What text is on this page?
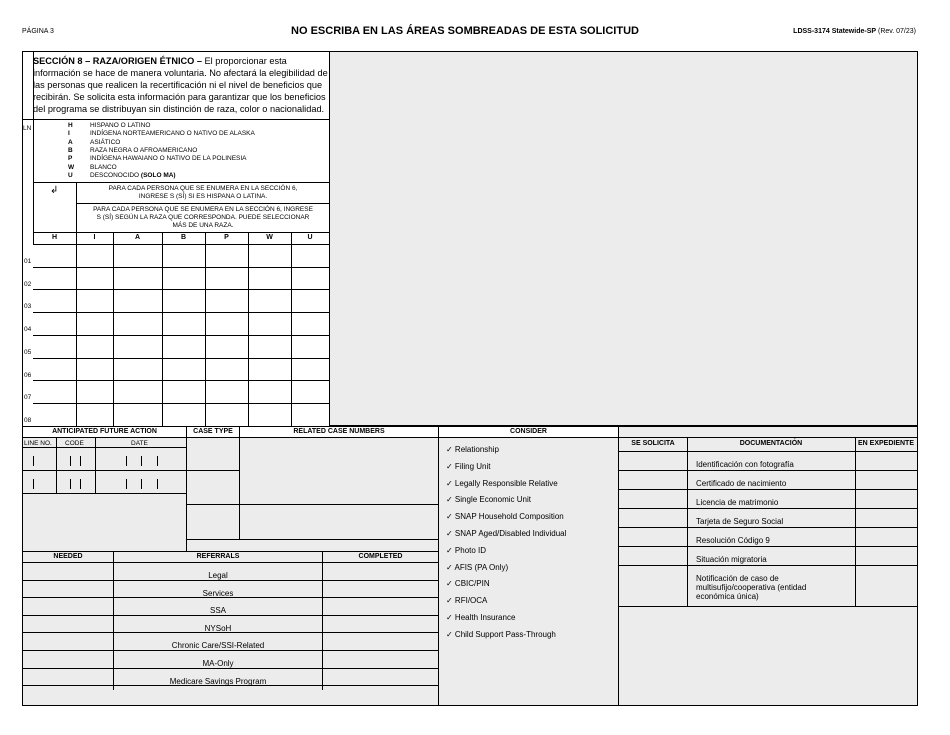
PÁGINA 3	NO ESCRIBA EN LAS ÁREAS SOMBREADAS DE ESTA SOLICITUD	LDSS-3174 Statewide-SP (Rev. 07/23)
SECCIÓN 8 – RAZA/ORIGEN ÉTNICO – El proporcionar esta información se hace de manera voluntaria. No afectará la elegibilidad de las personas que realicen la recertificación ni el nivel de beneficios que recibirán. Se solicita esta información para garantizar que los beneficios del programa se distribuyan sin distinción de raza, color o nacionalidad.
LN	H	HISPANO O LATINO
I	INDÍGENA NORTEAMERICANO O NATIVO DE ALASKA
A	ASIÁTICO
B	RAZA NEGRA O AFROAMERICANO
P	INDÍGENA HAWAIANO O NATIVO DE LA POLINESIA
W BLANCO
U	DESCONOCIDO (SOLO MA)
↲	PARA CADA PERSONA QUE SE ENUMERA EN LA SECCIÓN 6,
INGRESE S (SÍ) SI ES HISPANA O LATINA.
PARA CADA PERSONA QUE SE ENUMERA EN LA SECCIÓN 6, INGRESE
S (SÍ) SEGÚN LA RAZA QUE CORRESPONDA. PUEDE SELECCIONAR
MÁS DE UNA RAZA.
H	I	A	B	P	W	U
01
02
03
04
05
06
07
08
ANTICIPATED FUTURE ACTION	CASE TYPE	RELATED CASE NUMBERS	CONSIDER
LINE NO. CODE	DATE
NEEDED	REFERRALS	COMPLETED
Legal
Services
SSA
NYSoH
Chronic Care/SSI-Related
MA-Only
Medicare Savings Program
✓ Relationship
✓ Filing Unit
✓ Legally Responsible Relative
✓ Single Economic Unit
✓ SNAP Household Composition
✓ SNAP Aged/Disabled Individual
✓ Photo ID
✓ AFIS (PA Only)
✓ CBIC/PIN
✓ RFI/OCA
✓ Health Insurance
✓ Child Support Pass-Through
SE SOLICITA	DOCUMENTACIÓN	EN EXPEDIENTE
Identificación con fotografía
Certificado de nacimiento
Licencia de matrimonio
Tarjeta de Seguro Social
Resolución Código 9
Situación migratoria
Notificación de caso de
multisufijo/cooperativa (entidad
económica única)
